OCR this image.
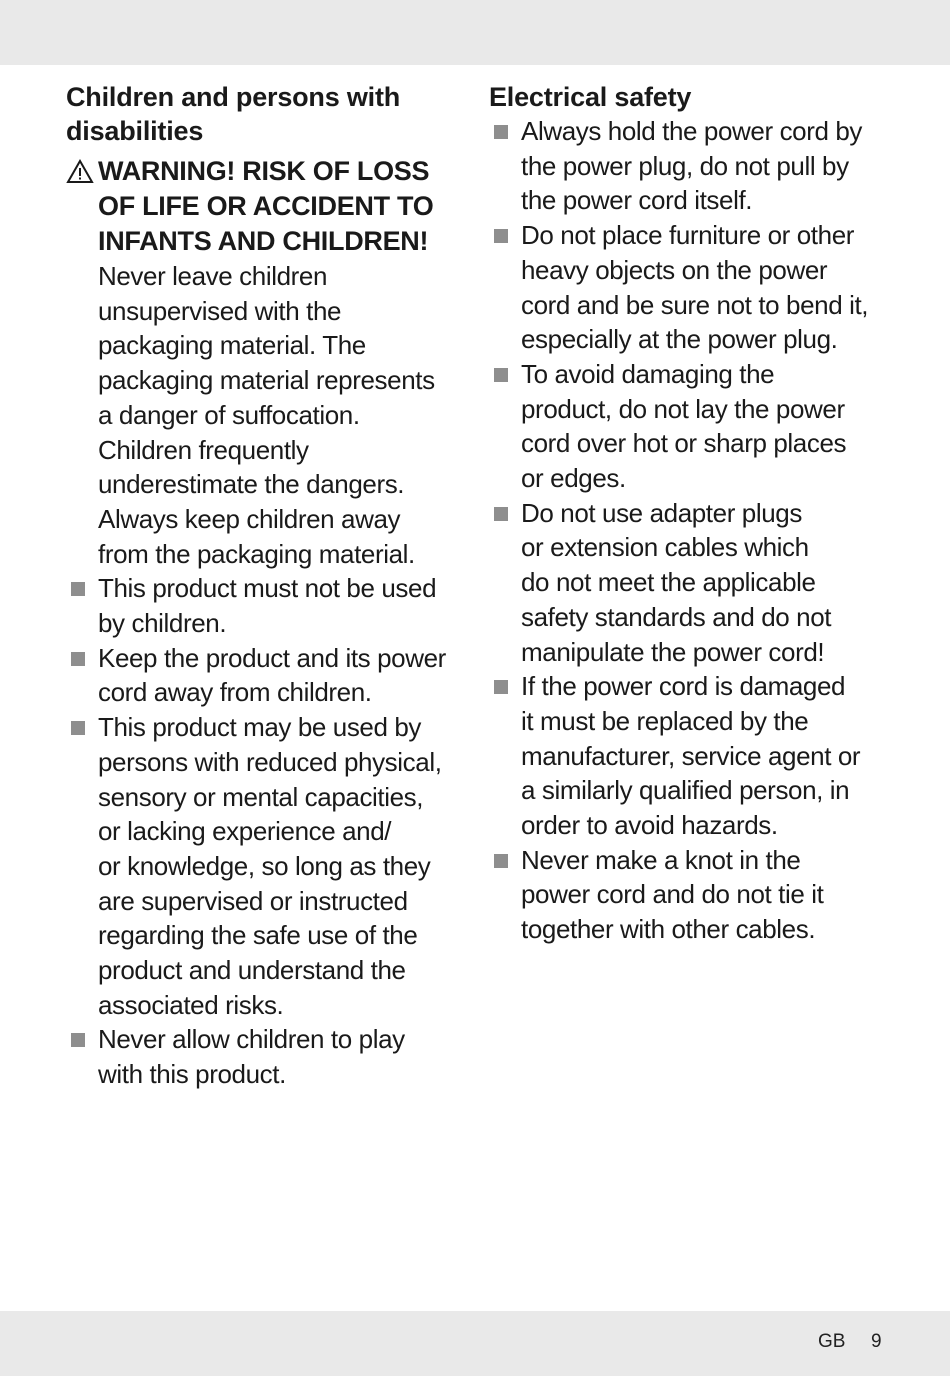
Children and persons with
disabilities
WARNING! RISK OF LOSS
OF LIFE OR ACCIDENT TO
INFANTS AND CHILDREN!
Never leave children
unsupervised with the
packaging material. The
packaging material represents
a danger of suffocation.
Children frequently
underestimate the dangers.
Always keep children away
from the packaging material.
This product must not be used
by children.
Keep the product and its power
cord away from children.
This product may be used by
persons with reduced physical,
sensory or mental capacities,
or lacking experience and/
or knowledge, so long as they
are supervised or instructed
regarding the safe use of the
product and understand the
associated risks.
Never allow children to play
with this product.
Electrical safety
Always hold the power cord by
the power plug, do not pull by
the power cord itself.
Do not place furniture or other
heavy objects on the power
cord and be sure not to bend it,
especially at the power plug.
To avoid damaging the
product, do not lay the power
cord over hot or sharp places
or edges.
Do not use adapter plugs
or extension cables which
do not meet the applicable
safety standards and do not
manipulate the power cord!
If the power cord is damaged
it must be replaced by the
manufacturer, service agent or
a similarly qualified person, in
order to avoid hazards.
Never make a knot in the
power cord and do not tie it
together with other cables.
GB 9
